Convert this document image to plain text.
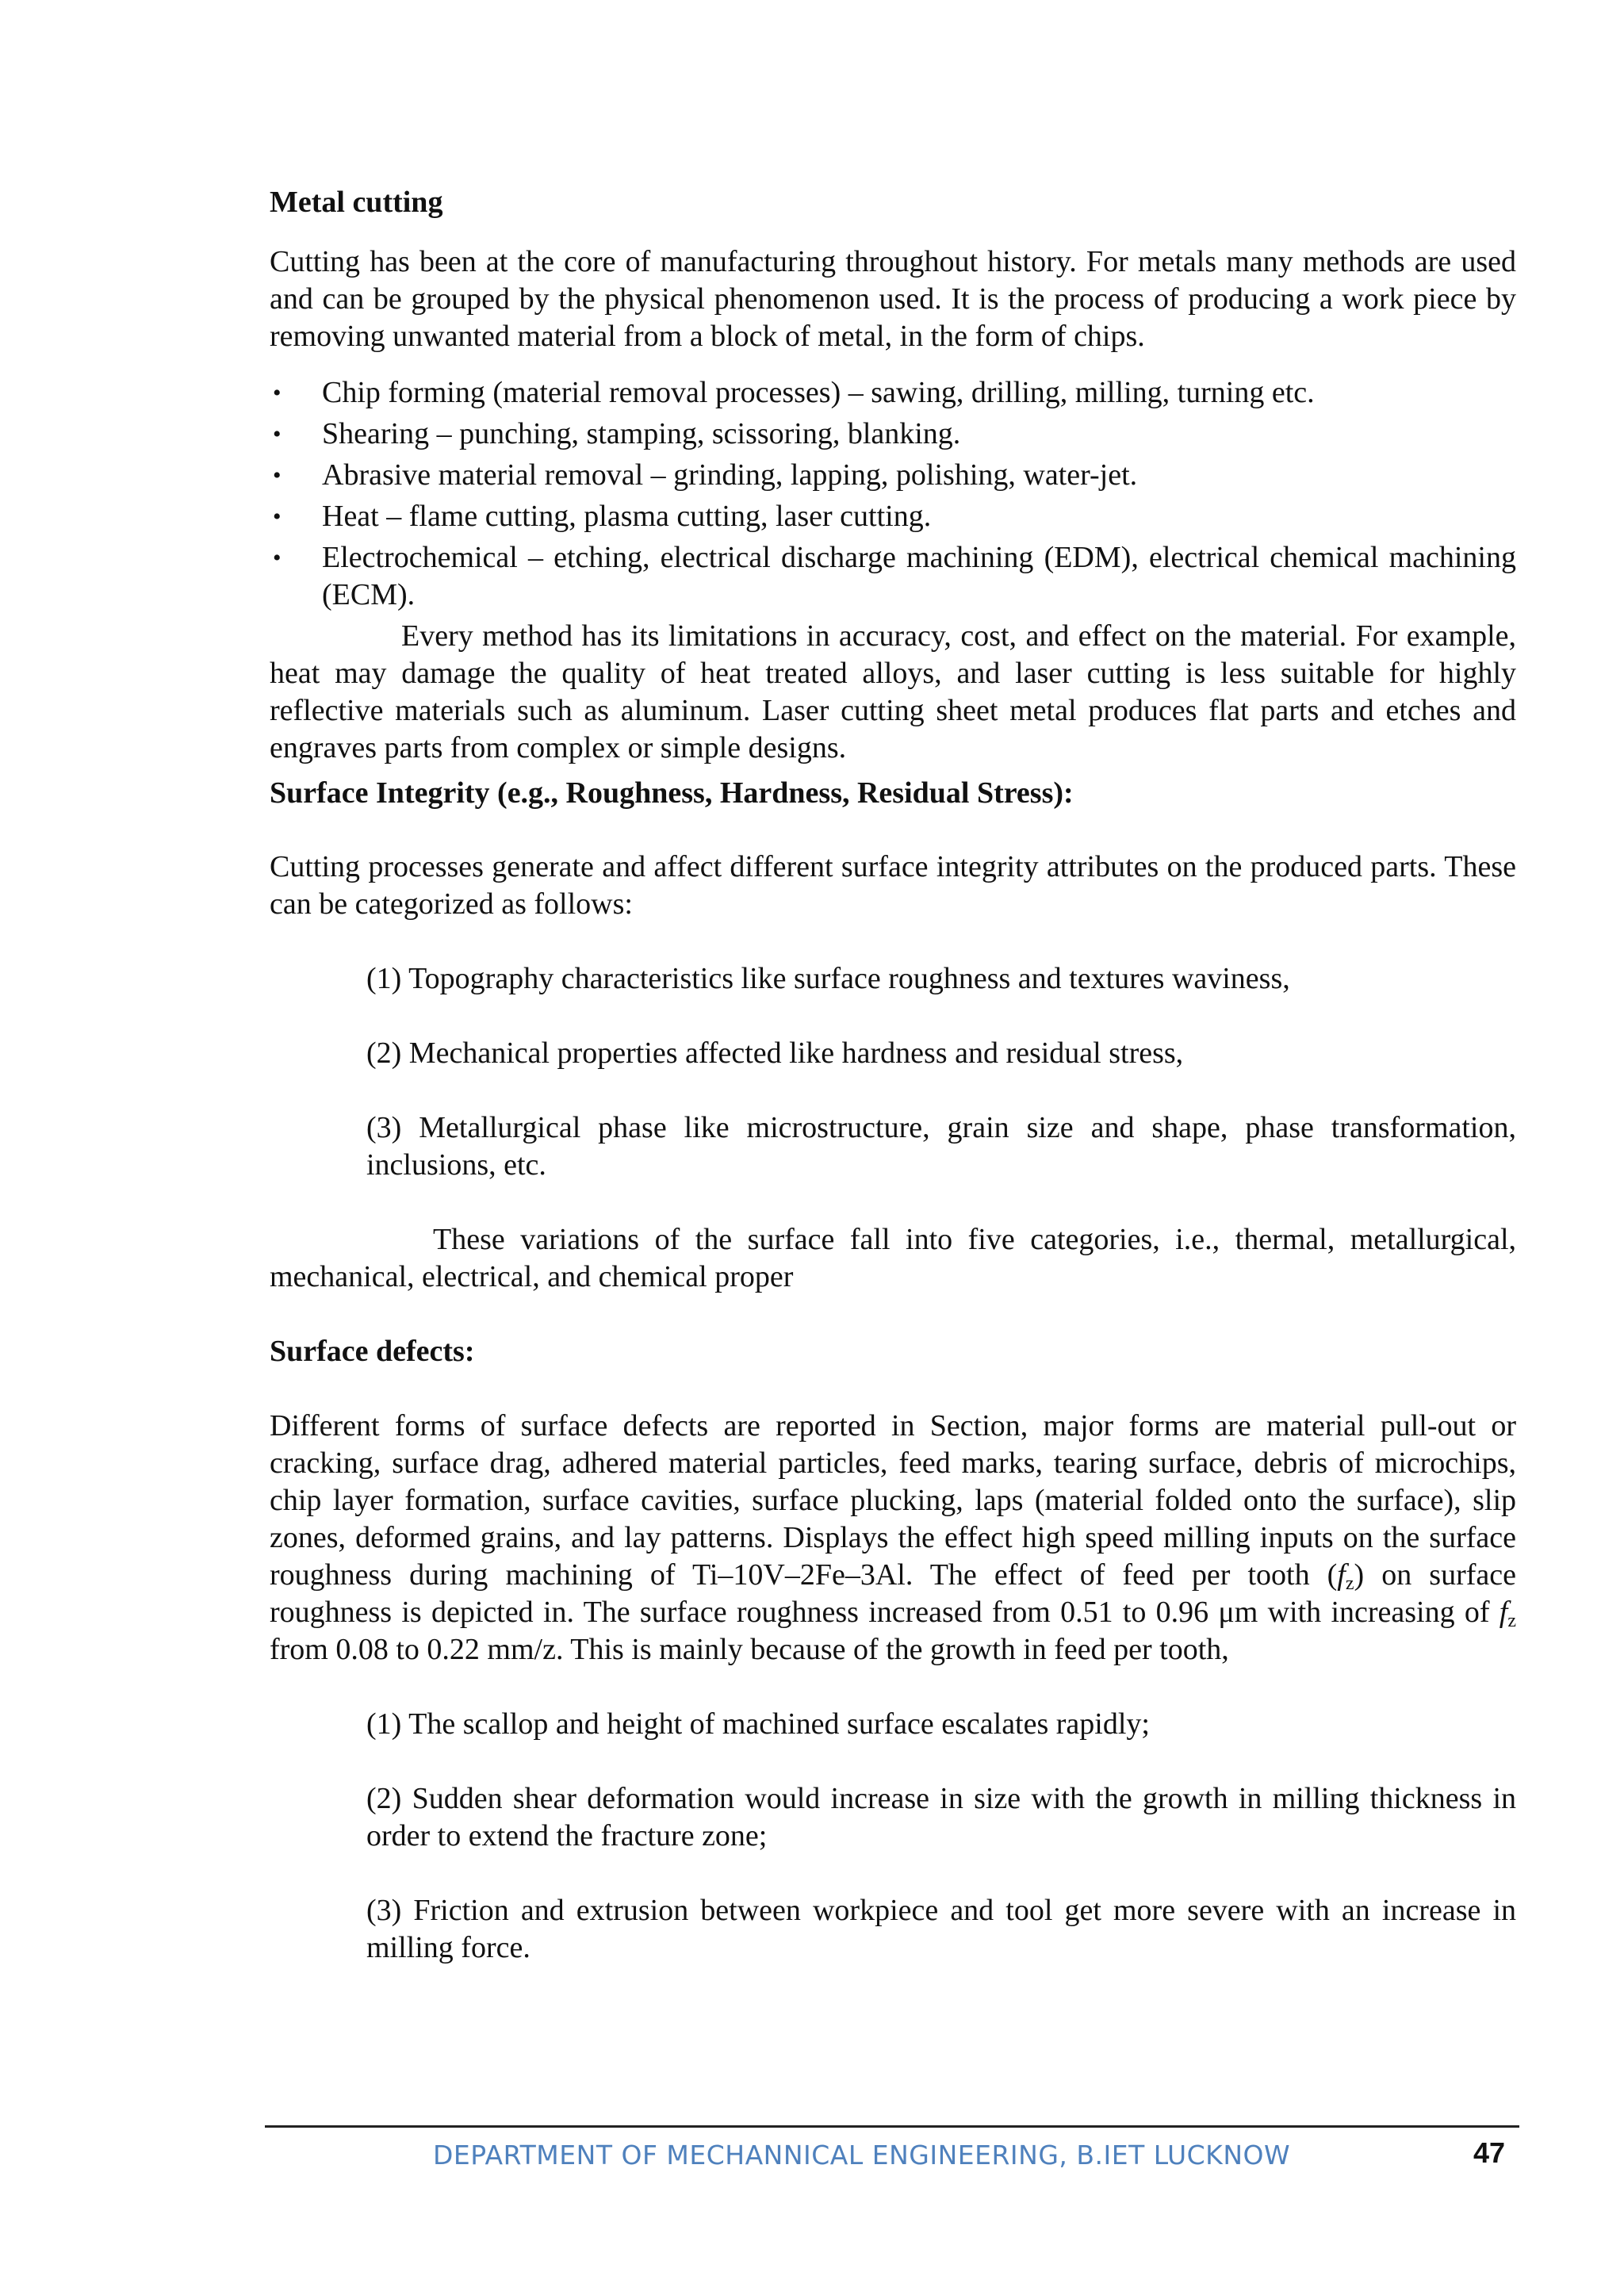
Metal cutting

Cutting has been at the core of manufacturing throughout history. For metals many methods are used and can be grouped by the physical phenomenon used. It is the process of producing a work piece by removing unwanted material from a block of metal, in the form of chips.

• Chip forming (material removal processes) – sawing, drilling, milling, turning etc.
• Shearing – punching, stamping, scissoring, blanking.
• Abrasive material removal – grinding, lapping, polishing, water-jet.
• Heat – flame cutting, plasma cutting, laser cutting.
• Electrochemical – etching, electrical discharge machining (EDM), electrical chemical machining (ECM).

Every method has its limitations in accuracy, cost, and effect on the material. For example, heat may damage the quality of heat treated alloys, and laser cutting is less suitable for highly reflective materials such as aluminum. Laser cutting sheet metal produces flat parts and etches and engraves parts from complex or simple designs.

Surface Integrity (e.g., Roughness, Hardness, Residual Stress):

Cutting processes generate and affect different surface integrity attributes on the produced parts. These can be categorized as follows:

(1) Topography characteristics like surface roughness and textures waviness,

(2) Mechanical properties affected like hardness and residual stress,

(3) Metallurgical phase like microstructure, grain size and shape, phase transformation, inclusions, etc.

These variations of the surface fall into five categories, i.e., thermal, metallurgical, mechanical, electrical, and chemical proper

Surface defects:

Different forms of surface defects are reported in Section, major forms are material pull-out or cracking, surface drag, adhered material particles, feed marks, tearing surface, debris of microchips, chip layer formation, surface cavities, surface plucking, laps (material folded onto the surface), slip zones, deformed grains, and lay patterns. Displays the effect high speed milling inputs on the surface roughness during machining of Ti–10V–2Fe–3Al. The effect of feed per tooth $(f_z)$ on surface roughness is depicted in. The surface roughness increased from 0.51 to 0.96 μm with increasing of $f_z$ from 0.08 to 0.22 mm/z. This is mainly because of the growth in feed per tooth,

(1) The scallop and height of machined surface escalates rapidly;

(2) Sudden shear deformation would increase in size with the growth in milling thickness in order to extend the fracture zone;

(3) Friction and extrusion between workpiece and tool get more severe with an increase in milling force.

DEPARTMENT OF MECHANNICAL ENGINEERING, B.IET LUCKNOW	47
